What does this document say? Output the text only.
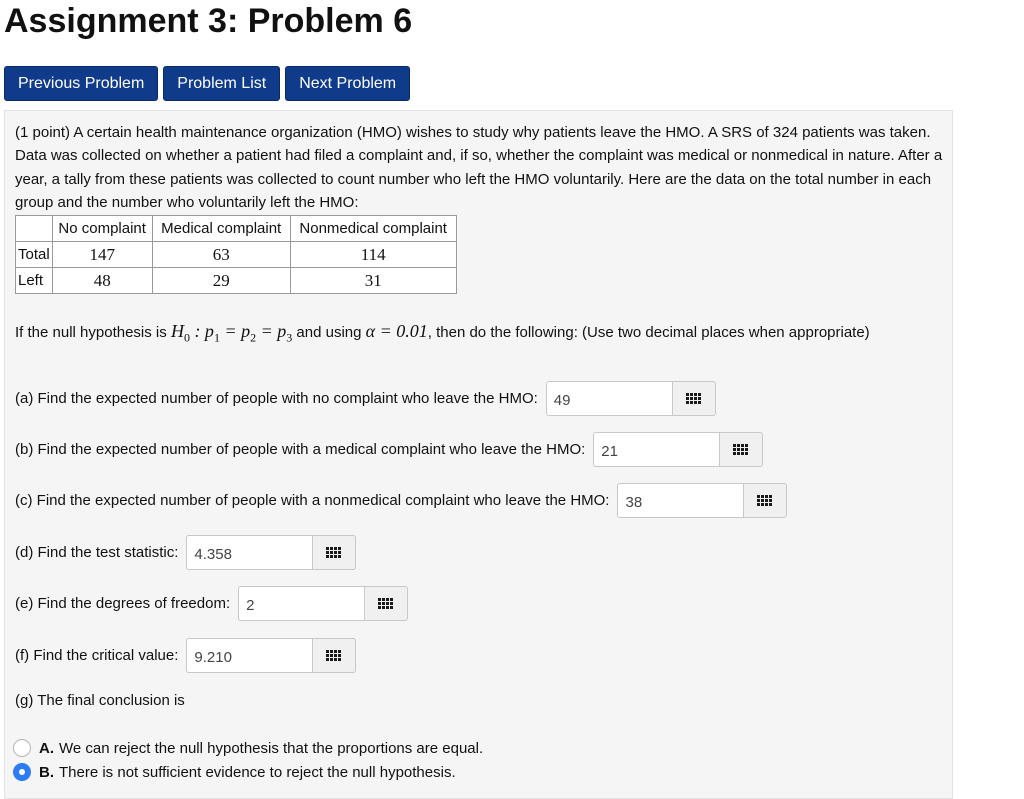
Assignment 3: Problem 6
Previous Problem	Problem List	Next Problem

(1 point) A certain health maintenance organization (HMO) wishes to study why patients leave the HMO. A SRS of 324 patients was taken. Data was collected on whether a patient had filed a complaint and, if so, whether the complaint was medical or nonmedical in nature. After a year, a tally from these patients was collected to count number who left the HMO voluntarily. Here are the data on the total number in each group and the number who voluntarily left the HMO:

	No complaint	Medical complaint	Nonmedical complaint
Total	147	63	114
Left	48	29	31
If the null hypothesis is $H_0$ : $p_1 = p_2 = p_3$ and using α = 0.01, then do the following: (Use two decimal places when appropriate)
(a) Find the expected number of people with no complaint who leave the HMO:
49
(b) Find the expected number of people with a medical complaint who leave the HMO:
21
(c) Find the expected number of people with a nonmedical complaint who leave the HMO:
38
(d) Find the test statistic:
4.358
(e) Find the degrees of freedom:
2
(f) Find the critical value:
9.210
(g) The final conclusion is
A. We can reject the null hypothesis that the proportions are equal.
B. There is not sufficient evidence to reject the null hypothesis.
